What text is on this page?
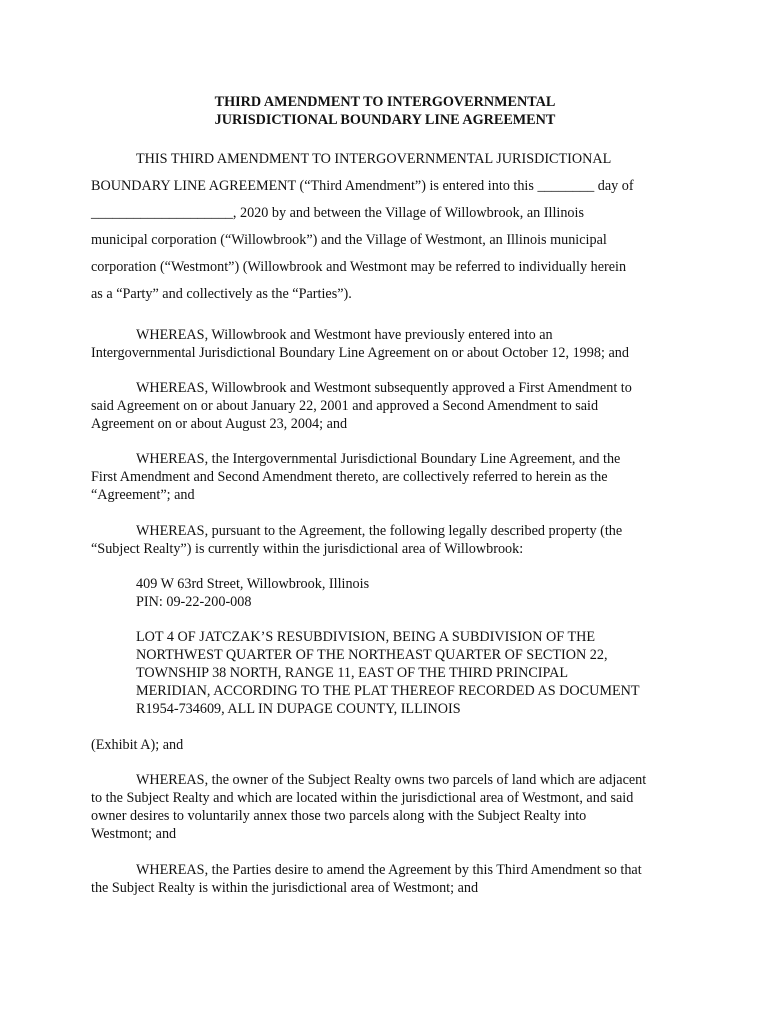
THIRD AMENDMENT TO INTERGOVERNMENTAL
JURISDICTIONAL BOUNDARY LINE AGREEMENT
THIS THIRD AMENDMENT TO INTERGOVERNMENTAL JURISDICTIONAL
BOUNDARY LINE AGREEMENT (“Third Amendment”) is entered into this ________ day of
____________________, 2020 by and between the Village of Willowbrook, an Illinois
municipal corporation (“Willowbrook”) and the Village of Westmont, an Illinois municipal
corporation (“Westmont”) (Willowbrook and Westmont may be referred to individually herein
as a “Party” and collectively as the “Parties”).
WHEREAS, Willowbrook and Westmont have previously entered into an
Intergovernmental Jurisdictional Boundary Line Agreement on or about October 12, 1998; and
WHEREAS, Willowbrook and Westmont subsequently approved a First Amendment to
said Agreement on or about January 22, 2001 and approved a Second Amendment to said
Agreement on or about August 23, 2004; and
WHEREAS, the Intergovernmental Jurisdictional Boundary Line Agreement, and the
First Amendment and Second Amendment thereto, are collectively referred to herein as the
“Agreement”; and
WHEREAS, pursuant to the Agreement, the following legally described property (the
“Subject Realty”) is currently within the jurisdictional area of Willowbrook:
409 W 63rd Street, Willowbrook, Illinois
PIN: 09-22-200-008
LOT 4 OF JATCZAK’S RESUBDIVISION, BEING A SUBDIVISION OF THE
NORTHWEST QUARTER OF THE NORTHEAST QUARTER OF SECTION 22,
TOWNSHIP 38 NORTH, RANGE 11, EAST OF THE THIRD PRINCIPAL
MERIDIAN, ACCORDING TO THE PLAT THEREOF RECORDED AS DOCUMENT
R1954-734609, ALL IN DUPAGE COUNTY, ILLINOIS
(Exhibit A); and
WHEREAS, the owner of the Subject Realty owns two parcels of land which are adjacent
to the Subject Realty and which are located within the jurisdictional area of Westmont, and said
owner desires to voluntarily annex those two parcels along with the Subject Realty into
Westmont; and
WHEREAS, the Parties desire to amend the Agreement by this Third Amendment so that
the Subject Realty is within the jurisdictional area of Westmont; and
